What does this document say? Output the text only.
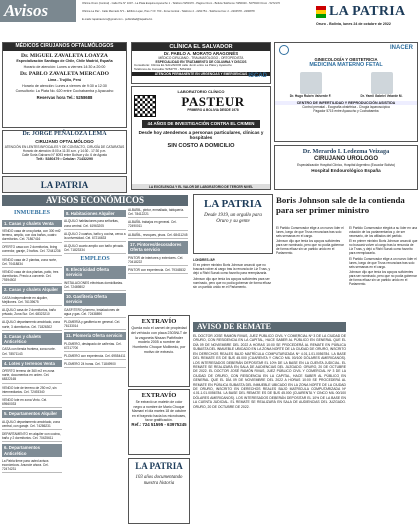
Avisos	Oficina Oruro (Central) - Calle Pie N° 1007 - La Plata Esquina Ayacucho 1 - Teléfono 5251970 - Página Oruro - Bolivia Teléfonos: 5250020 - 5275020 Oruro - 5272170
Oficina La Paz - Calle Mercado N°1 - Edificio Lujan, Piso 7 Of. 703 - Zona Central - Teléfono 2 - 2291751 - Teléfonos Fax: 2 - 2204578 - 2290878
E-mails: lapatriaoruro@gmail.com - publicidad@lapatria.bo
LA PATRIA
Oruro - Bolivia, lunes 24 de octubre de 2022
MÉDICOS CIRUJANOS OFTALMÓLOGOS
Dr. MIGUEL ZAVALETA LOAYZA
Especialización Santiago de Chile, Chile Madrid, España
Horario de atención: Lunes a viernes 14:30 a 20:00
Dr. PABLO ZAVALETA MERCADO
Lima - Trujillo, Perú
Horario de atención: Lunes a viernes de 9:30 a 12:30
Consultorio: La Plata No. 620 entre Cochabamba y Ayacucho
Reservas hora Tel.: 5258688
Dr. JORGE PEÑALOZA LEMA
CIRUJANO OFTALMÓLOGO
ATENCIÓN EN LENTES BIFOCALES Y DE CONTACTO, CIRUGÍA DE CATARATAS
Horario de atención: 8:00 a 11:30 a.m. y 14:30 - 17:30 p.m.
Calle Soria Galvarro N° 8093 entre Bolívar y Av. 6 de Agosto
Telf.: 5280479 • Celular: 71432290
LA PATRIA
CLÍNICA EL SALVADOR
Dr. PABLO A. MORATO ARAGONÉS
MÉDICO CIRUJANO - TRAUMATÓLOGO - ORTOPEDISTA
ESPECIALIDAD EN TRATAMIENTO DE COLUMNA Y DISCOS
Consultorio: Clínica EL SALVADOR calle Junín entre La Plata y Ayacucho
Teléfonos de Consulta: 5264770 - 5262110
ATENCIÓN PERMANENTE EN URGENCIAS Y EMERGENCIAS ISCAD
LABORATORIO CLÍNICO
PASTEUR
PRIMERO A BOLIVIA DESDE 1978
44 AÑOS DE INVESTIGACIÓN CONTRA EL CRIMEN
Desde hoy atendemos a personas particulares, clínicas y hospitales
SIN COSTO A DOMICILIO
LA EXCELENCIA Y EL VALOR DE LABORATORIO DE TERCER NIVEL
INACER
GINECOLOGÍA Y OBSTETRICIA
MEDICINA MATERNO FETAL
Dr. Hugo Rubén Valverde F.	Dr. Yamil Gabriel Velarde M.
CENTRO DE INFERTILIDAD Y REPRODUCCIÓN ASISTIDA
Control prenatal - Ecografía obstétrica - Cirugía laparoscópica
Pagador 5715 entre Ayacucho y Cochabamba
Dr. Merardo I. Ledezma Veizaga
CIRUJANO UROLOGO
Especialización Hospital Clínico, Hospital Argentino (Ecuador Bolivia)
Hospital Endourológico España
AVISOS ECONÓMICOS	LA PATRIA
Desde 1919, un orgullo para Oruro y su gente
Boris Johnson sale de la contienda para ser primer ministro
INMUEBLES
1. Casas y chalets Venta
VENDO casa de una planta, con 300 mt2 terreno, amplio, con dos baños, cuatro dormitorios. Cel. 71867416
OFERTO casa con 2 dormitorios, living comedor, garaje, 2 baños. Cel. 72441236
VENDO casa de 2 plantas, zona norte, Cel. 70418834
VENDO casa de dos plantas, patio, tres dormitorios. Precio a convenir. Cel. 79394502
2. Casas y chalets Alquiler
CASA independiente en alquiler, Mejillones. Cel. 76139675
ALQUILO casa de 2 dormitorios, baño privado, Zona Sur. Cel. 68323210
ALQUILO departamento amoblado, zona norte, 3 dormitorios. Cel. 71826302
3. Casas y chalets Anticrético
CASA con tienda frontera, zona norte. Cel. 78571143
4. Lotes y terrenos Venta
OFERTO terreno de 360 m2 en zona norte, documentos en orden. Cel. 68322165
VENDO lote de terreno de 250 m2, sin intermediarios. Cel. 72493340
VENDO lote en zona Vinto. Cel. 69560033
5. Departamentos Alquiler
ALQUILO departamento amoblado, zona central, con garaje. Cel. 74286231
DEPARTAMENTO en alquiler con cocina, baño y 2 dormitorios. Cel. 70425611
6. Departamentos Anticrético
La Patria tiene para usted avisos económicos. Anuncie ahora. Cel. 72474231
8. Habitaciones Alquiler
ALQUILO habitaciones para señoritas, zona central. Cel. 61963205
ALQUILO 2 cuartos, baño y cocina, cerca a la universidad. Cel. 67216633
ALQUILO cuarto amplio con baño privado. Cel. 71823334
EMPLEOS
9. Electricidad Oferta servicio
INSTALACIONES eléctricas domiciliarias. Cel. 72469802
10. Gasfitería Oferta servicio
GASFITERO plomero, instalaciones de agua y gas. Cel. 72438890
PLOMERÍA y gasfitería en general. Cel. 76133014
11. Plomería Oferta servicio
PLOMERO, destapado de cañerías. Cel. 67217700
PLOMERO con experiencia. Cel. 69554411
PLOMERO 24 horas. Cel. 71849900
ALBAÑIL, pintor, enmallado, tabiquería. Cel. 78412221
ALBAÑIL trabajos en general. Cel. 72490011
ALBAÑIL, revoques, pisos. Cel. 68411245
17. Pintores/decoradores Oferta servicio
PINTOR de interiores y exteriores. Cel. 70418222
PINTOR con experiencia. Cel. 79345532
EXTRAVÍO
Queda nulo el carnet de propiedad del vehículo con placa 2303NLT de la vagoneta Nissan Pathfinder modelo 2005 a nombre de Humberto Choque Mollinedo, por motivo de extravío.
EXTRAVÍO
Se extravió un maletín de color negro a nombre de Mario Choque Mamani el día martes 18 de octubre en el trayecto hacia los microbuses, favor gratificación.
Ref.: 724 51595 - 63975245
LA PATRIA
103 años documentando nuestra historia

LONDRES /AP.

El ex primer ministro Boris Johnson anunció que no buscará volver al cargo tras la renuncia de Liz Truss, y dejó a Rishi Sunak como favorito para reemplazarla.

Johnson dijo que tenía los apoyos suficientes para ser nominado, pero que no podía gobernar de forma eficaz sin un partido unido en el Parlamento.

El Partido Conservador elige a un nuevo líder el lunes, luego de que Truss renunciara tras solo seis semanas en el cargo.

Johnson dijo que tenía los apoyos suficientes para ser nominado, pero que no podía gobernar de forma eficaz sin un partido unido en el Parlamento.

El Partido Conservador elegirá a su líder en una votación de los parlamentarios y, de ser necesario, de los afiliados del partido.

El ex primer ministro Boris Johnson anunció que no buscará volver al cargo tras la renuncia de Liz Truss, y dejó a Rishi Sunak como favorito para reemplazarla.

El Partido Conservador elige a un nuevo líder el lunes, luego de que Truss renunciara tras solo seis semanas en el cargo.

Johnson dijo que tenía los apoyos suficientes para ser nominado, pero que no podía gobernar de forma eficaz sin un partido unido en el Parlamento.

AVISO DE REMATE
EL DOCTOR JOSÉ RAMÓN RIVAS, JUEZ PÚBLICO CIVIL Y COMERCIAL Nº 3 DE LA CIUDAD DE ORURO, CON RESIDENCIA EN LA CAPITAL, HACE SABER AL PÚBLICO EN GENERAL QUE EL DÍA 09 DE NOVIEMBRE DEL 2022 A HORAS 10:00 SE PROCEDERÁ AL REMATE EN PÚBLICA SUBASTA DEL INMUEBLE UBICADO EN LA ZONA NORTE DE LA CIUDAD DE ORURO, INSCRITO EN DERECHOS REALES BAJO MATRÍCULA COMPUTARIZADA Nº 4.01.1.01.0056784. LA BASE DEL REMATE ES DE $US 45.000 (CUARENTA Y CINCO MIL 00/100 DÓLARES AMERICANOS). LOS INTERESADOS DEBERÁN DEPOSITAR EL 10% DE LA BASE EN LA CUENTA JUDICIAL. EL REMATE SE REALIZARÁ EN SALA DE AUDIENCIAS DEL JUZGADO. ORURO, 20 DE OCTUBRE DE 2022. EL DOCTOR JOSÉ RAMÓN RIVAS, JUEZ PÚBLICO CIVIL Y COMERCIAL Nº 3 DE LA CIUDAD DE ORURO, CON RESIDENCIA EN LA CAPITAL, HACE SABER AL PÚBLICO EN GENERAL QUE EL DÍA 09 DE NOVIEMBRE DEL 2022 A HORAS 10:00 SE PROCEDERÁ AL REMATE EN PÚBLICA SUBASTA DEL INMUEBLE UBICADO EN LA ZONA NORTE DE LA CIUDAD DE ORURO, INSCRITO EN DERECHOS REALES BAJO MATRÍCULA COMPUTARIZADA Nº 4.01.1.01.0056784. LA BASE DEL REMATE ES DE $US 45.000 (CUARENTA Y CINCO MIL 00/100 DÓLARES AMERICANOS). LOS INTERESADOS DEBERÁN DEPOSITAR EL 10% DE LA BASE EN LA CUENTA JUDICIAL. EL REMATE SE REALIZARÁ EN SALA DE AUDIENCIAS DEL JUZGADO. ORURO, 20 DE OCTUBRE DE 2022.
